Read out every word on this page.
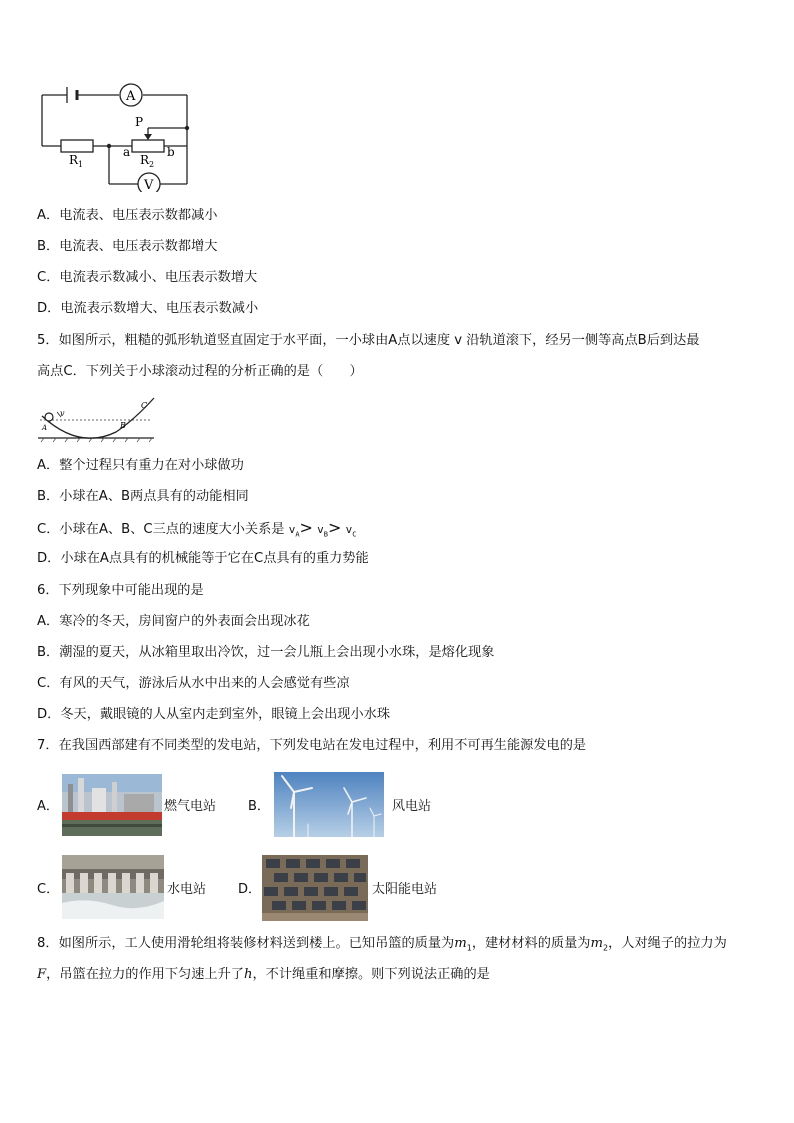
A
V
P
R 1	R 2
a	b
A．电流表、电压表示数都减小
B．电流表、电压表示数都增大
C．电流表示数减小、电压表示数增大
D．电流表示数增大、电压表示数减小
5．如图所示，粗糙的弧形轨道竖直固定于水平面，一小球由A点以速度 v 沿轨道滚下，经另一侧等高点B后到达最
高点C．下列关于小球滚动过程的分析正确的是（　　）
v
A	B
C
A．整个过程只有重力在对小球做功
B．小球在A、B两点具有的动能相同
C．小球在A、B、C三点的速度大小关系是 $v_A> v_B> v_C$
D．小球在A点具有的机械能等于它在C点具有的重力势能
6．下列现象中可能出现的是
A．寒冷的冬天，房间窗户的外表面会出现冰花
B．潮湿的夏天，从冰箱里取出冷饮，过一会儿瓶上会出现小水珠，是熔化现象
C．有风的天气，游泳后从水中出来的人会感觉有些凉
D．冬天，戴眼镜的人从室内走到室外，眼镜上会出现小水珠
7．在我国西部建有不同类型的发电站，下列发电站在发电过程中，利用不可再生能源发电的是
A．	燃气电站 B．	风电站
C．	水电站 D．	太阳能电站
8．如图所示，工人使用滑轮组将装修材料送到楼上。已知吊篮的质量为$m_1$，建材材料的质量为$m_2$，人对绳子的拉力为
F，吊篮在拉力的作用下匀速上升了h，不计绳重和摩擦。则下列说法正确的是
